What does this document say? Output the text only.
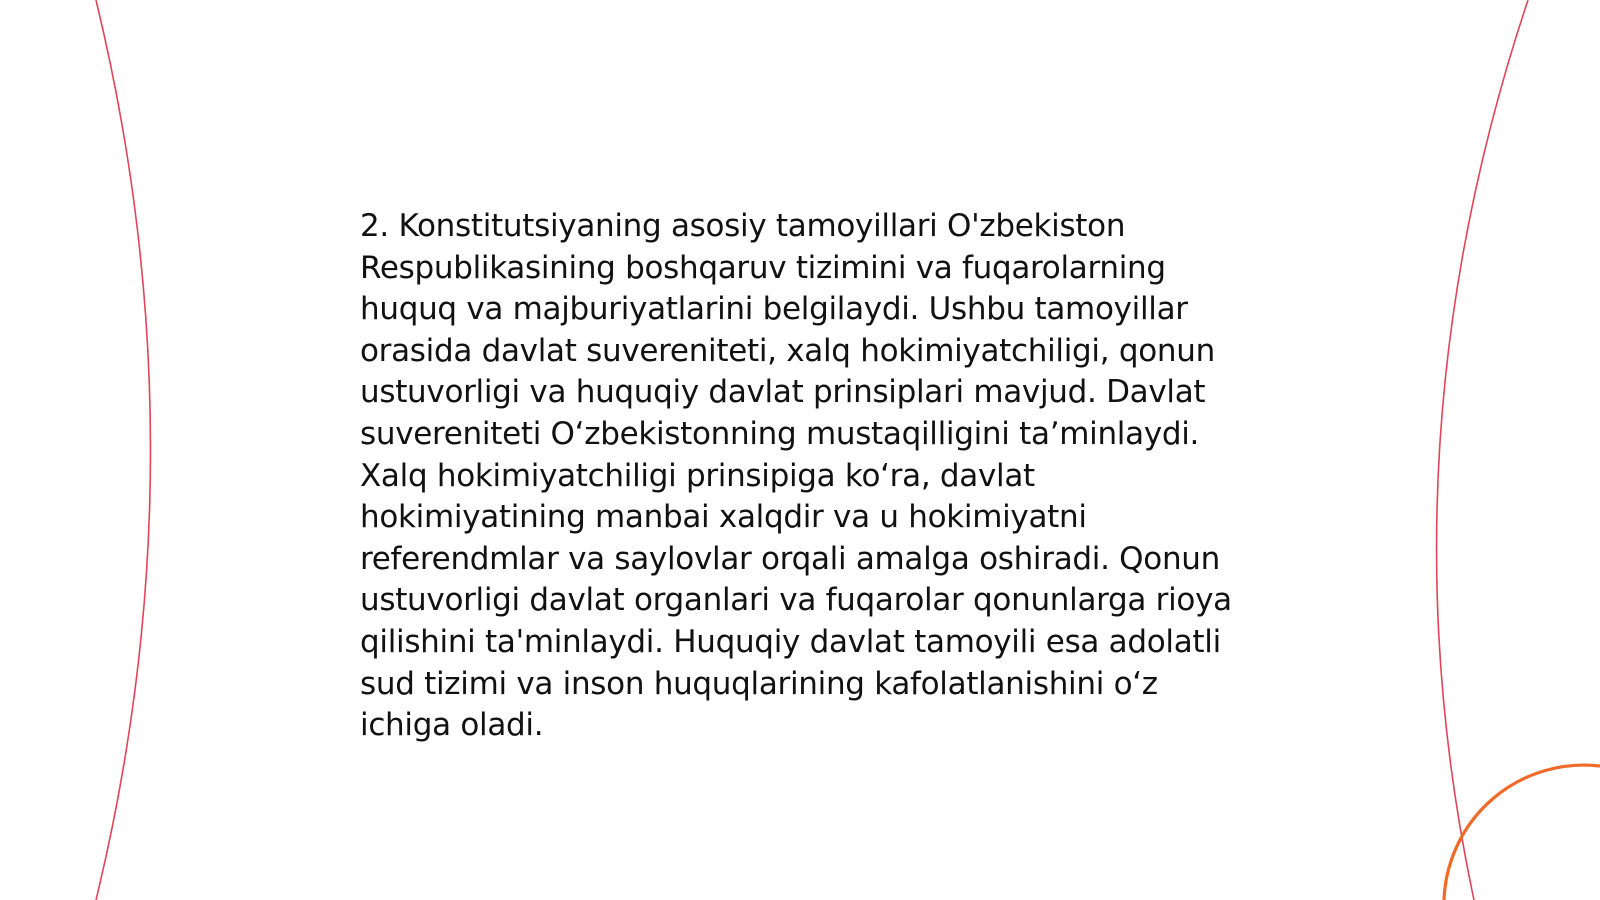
2. Konstitutsiyaning asosiy tamoyillari O'zbekiston Respublikasining boshqaruv tizimini va fuqarolarning huquq va majburiyatlarini belgilaydi. Ushbu tamoyillar orasida davlat suvereniteti, xalq hokimiyatchiligi, qonun ustuvorligi va huquqiy davlat prinsiplari mavjud. Davlat suvereniteti O‘zbekistonning mustaqilligini ta’minlaydi. Xalq hokimiyatchiligi prinsipiga ko‘ra, davlat hokimiyatining manbai xalqdir va u hokimiyatni referendmlar va saylovlar orqali amalga oshiradi. Qonun ustuvorligi davlat organlari va fuqarolar qonunlarga rioya qilishini ta'minlaydi. Huquqiy davlat tamoyili esa adolatli sud tizimi va inson huquqlarining kafolatlanishini o‘z ichiga oladi.
